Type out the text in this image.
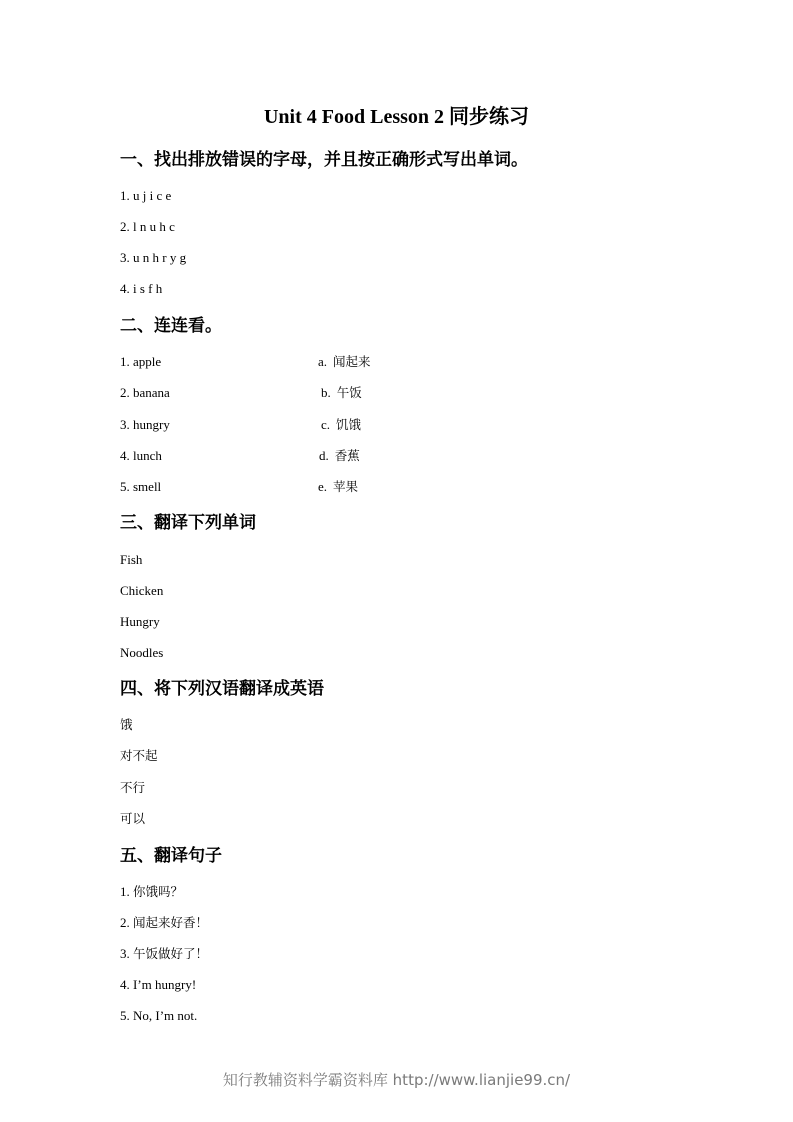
Unit 4 Food Lesson 2 同步练习
一、找出排放错误的字母，并且按正确形式写出单词。
1. u j i c e
2. l n u h c
3. u n h r y g
4. i s f h
二、连连看。
1. apple	a. 闻起来
2. banana	b. 午饭
3. hungry	c. 饥饿
4. lunch	d. 香蕉
5. smell	e. 苹果
三、翻译下列单词
Fish
Chicken
Hungry
Noodles
四、将下列汉语翻译成英语
饿
对不起
不行
可以
五、翻译句子
1. 你饿吗？
2. 闻起来好香！
3. 午饭做好了！
4. I’m hungry!
5. No, I’m not.
知行教辅资料学霸资料库 http://www.lianjie99.cn/
